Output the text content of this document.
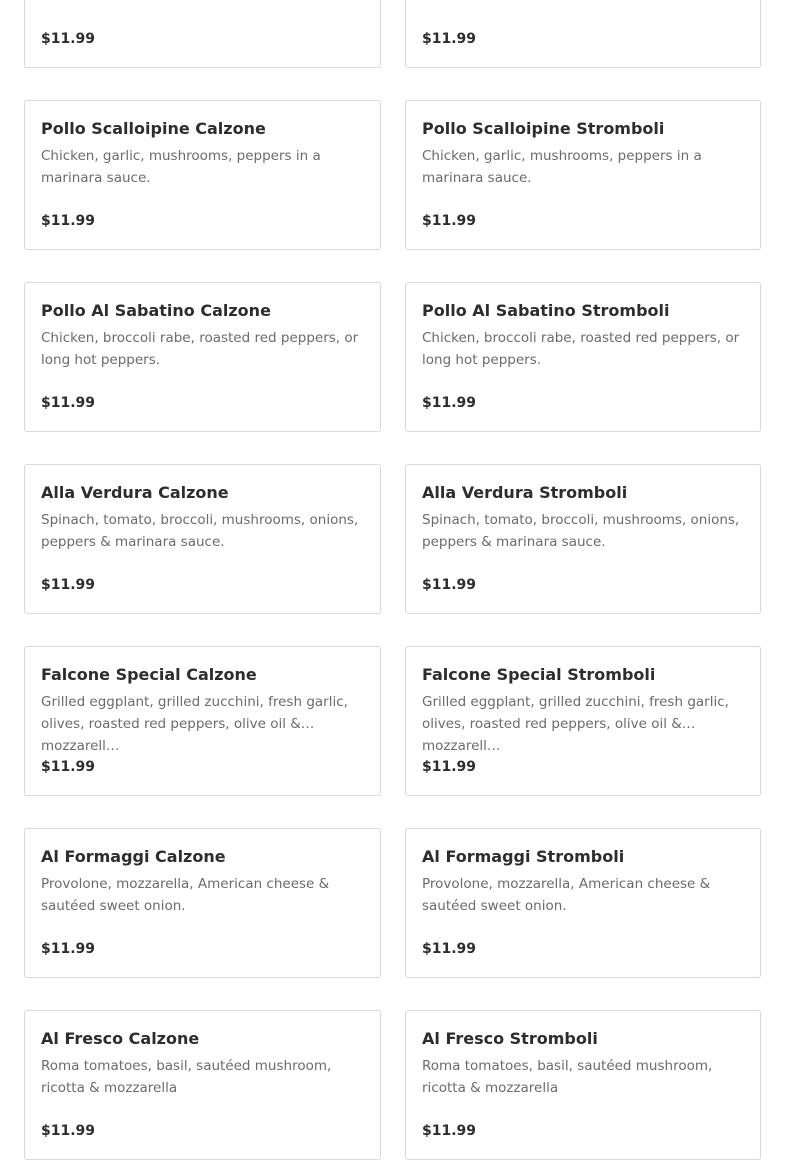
$11.99	$11.99
Pollo Scalloipine Calzone
Chicken, garlic, mushrooms, peppers in a marinara sauce.
$11.99
Pollo Scalloipine Stromboli
Chicken, garlic, mushrooms, peppers in a marinara sauce.
$11.99
Pollo Al Sabatino Calzone
Chicken, broccoli rabe, roasted red peppers, or long hot peppers.
$11.99
Pollo Al Sabatino Stromboli
Chicken, broccoli rabe, roasted red peppers, or long hot peppers.
$11.99
Alla Verdura Calzone
Spinach, tomato, broccoli, mushrooms, onions, peppers & marinara sauce.
$11.99
Alla Verdura Stromboli
Spinach, tomato, broccoli, mushrooms, onions, peppers & marinara sauce.
$11.99
Falcone Special Calzone
Grilled eggplant, grilled zucchini, fresh garlic, olives, roasted red peppers, olive oil & mozzarell…
$11.99
Falcone Special Stromboli
Grilled eggplant, grilled zucchini, fresh garlic, olives, roasted red peppers, olive oil & mozzarell…
$11.99
Al Formaggi Calzone
Provolone, mozzarella, American cheese & sautéed sweet onion.
$11.99
Al Formaggi Stromboli
Provolone, mozzarella, American cheese & sautéed sweet onion.
$11.99
Al Fresco Calzone
Roma tomatoes, basil, sautéed mushroom, ricotta & mozzarella
$11.99
Al Fresco Stromboli
Roma tomatoes, basil, sautéed mushroom, ricotta & mozzarella
$11.99
